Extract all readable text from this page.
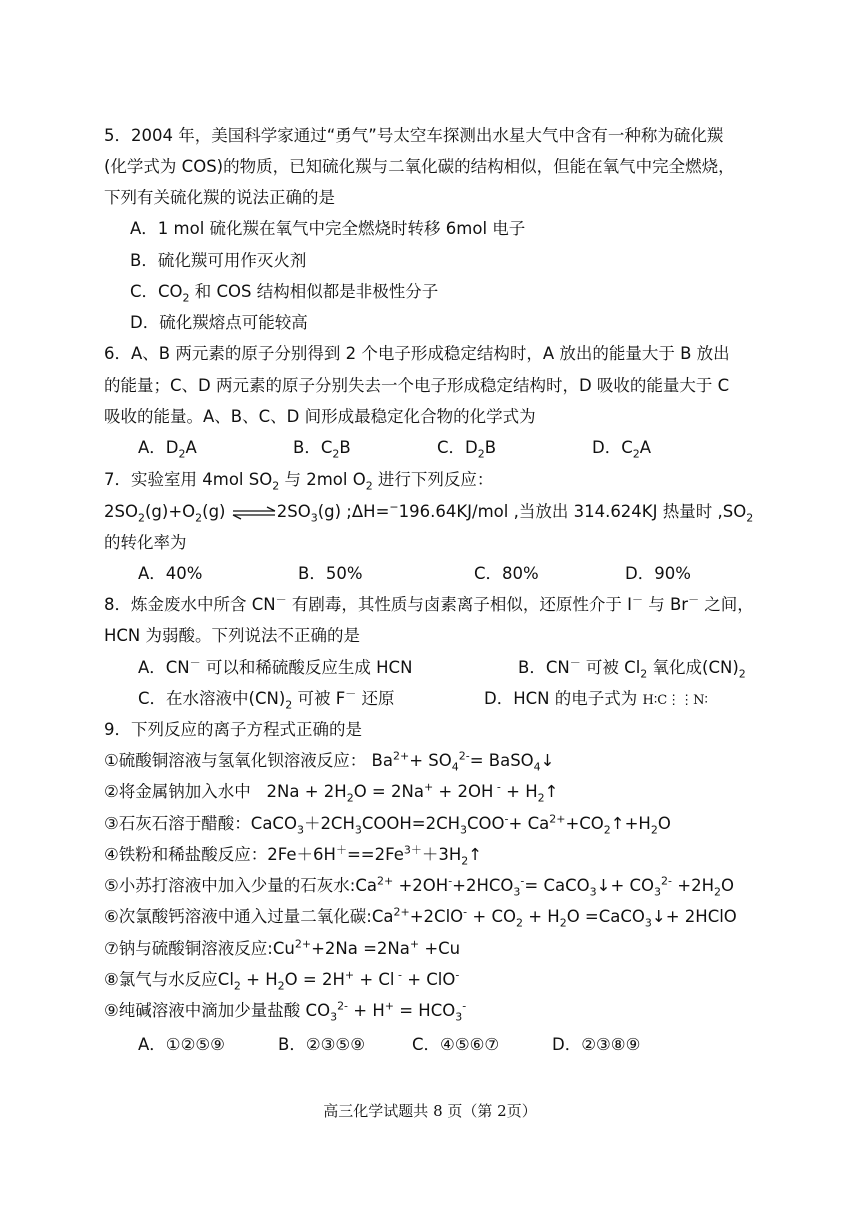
5．2004 年，美国科学家通过“勇气”号太空车探测出水星大气中含有一种称为硫化羰
(化学式为 COS)的物质，已知硫化羰与二氧化碳的结构相似，但能在氧气中完全燃烧，
下列有关硫化羰的说法正确的是
A．1 mol 硫化羰在氧气中完全燃烧时转移 6mol 电子
B．硫化羰可用作灭火剂
C．$CO_2$ 和 COS 结构相似都是非极性分子
D．硫化羰熔点可能较高
6．A、B 两元素的原子分别得到 2 个电子形成稳定结构时，A 放出的能量大于 B 放出
的能量；C、D 两元素的原子分别失去一个电子形成稳定结构时，D 吸收的能量大于 C
吸收的能量。A、B、C、D 间形成最稳定化合物的化学式为
A．$D_2A$	B．$C_2B$	C．$D_2B$	D．$C_2A$
7．实验室用 4mol $SO_2$ 与 2mol $O_2$ 进行下列反应：
$2SO_2(g)+O_2(g)$ $\rightleftharpoons 2SO_3(g)$ ;ΔH=−196.64KJ/mol ,当放出 314.624KJ 热量时 $,SO_2$
的转化率为
A．40%	B．50%	C．80%	D．90%
8．炼金废水中所含 CN－ 有剧毒，其性质与卤素离子相似，还原性介于 I－ 与 Br－ 之间，
HCN 为弱酸。下列说法不正确的是
A．CN－ 可以和稀硫酸反应生成 HCN	B．CN－ 可被 $Cl_2$ 氧化成$(CN)_2$
C．在水溶液中$(CN)_2$ 可被 F－ 还原	D．HCN 的电子式为 H∶C⋮⋮N∶
9．下列反应的离子方程式正确的是
①硫酸铜溶液与氢氧化钡溶液反应： $Ba^{2+}+ SO_4^{2-}=$ BaSO$_4$↓
②将金属钠加入水中   $2Na + 2H_2O = 2Na^+ + 2OH$ $^- + H_2↑$
③石灰石溶于醋酸：$CaCO_3+2CH_3COOH=2CH_3COO^-+$ $Ca^{2+}+CO_2↑+H_2O$
④铁粉和稀盐酸反应：$2Fe+6H^+==2Fe^{3+}+3H_2↑$
⑤小苏打溶液中加入少量的石灰水$:Ca^{2+} +2OH^-+2HCO_3^-=$ CaCO$_3$↓+ $CO_3^{2-} +2H_2O$
⑥次氯酸钙溶液中通入过量二氧化碳$:Ca^{2+}+2ClO^- + CO_2 + H_2O$ =CaCO$_3$↓+ 2HClO
⑦钠与硫酸铜溶液反应$:Cu^{2+}+2Na =2Na^+ +Cu$
⑧氯气与水反应$Cl_2 + H_2O = 2H^+ + Cl$ - + ClO-
⑨纯碱溶液中滴加少量盐酸 $CO_3^{2-} + H^+ = HCO_3^-$
A．①②⑤⑨	B．②③⑤⑨	C．④⑤⑥⑦	D．②③⑧⑨
高三化学试题共 8 页（第 2页）
